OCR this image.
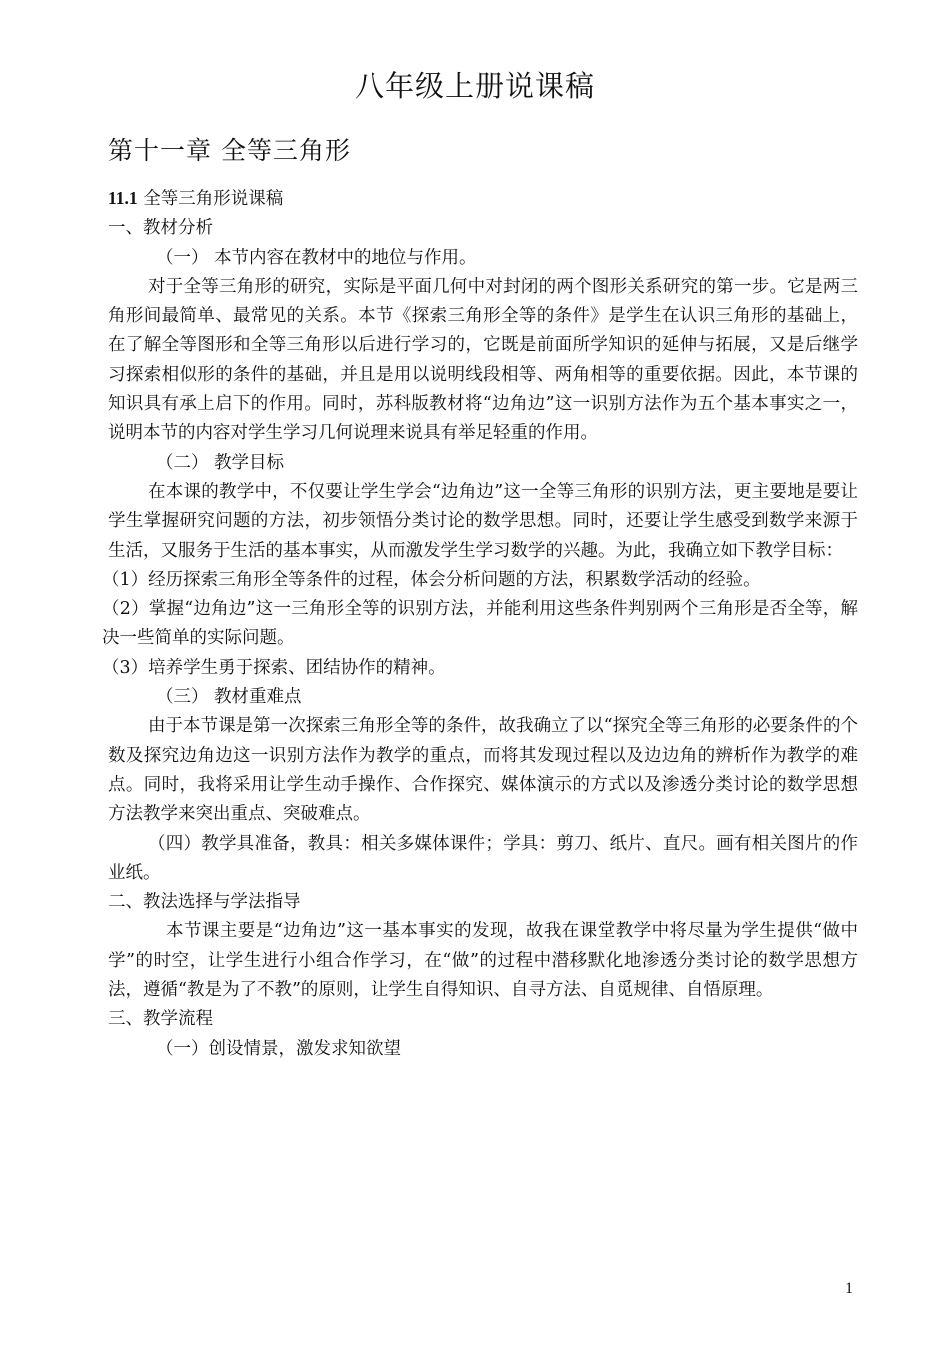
八年级上册说课稿
第十一章 全等三角形

11.1 全等三角形说课稿

一、教材分析

（一） 本节内容在教材中的地位与作用。

对于全等三角形的研究，实际是平面几何中对封闭的两个图形关系研究的第一步。它是两三角形间最简单、最常见的关系。本节《探索三角形全等的条件》是学生在认识三角形的基础上，在了解全等图形和全等三角形以后进行学习的，它既是前面所学知识的延伸与拓展，又是后继学习探索相似形的条件的基础，并且是用以说明线段相等、两角相等的重要依据。因此，本节课的知识具有承上启下的作用。同时，苏科版教材将“边角边”这一识别方法作为五个基本事实之一，说明本节的内容对学生学习几何说理来说具有举足轻重的作用。

（二） 教学目标

在本课的教学中，不仅要让学生学会“边角边”这一全等三角形的识别方法，更主要地是要让学生掌握研究问题的方法，初步领悟分类讨论的数学思想。同时，还要让学生感受到数学来源于生活，又服务于生活的基本事实，从而激发学生学习数学的兴趣。为此，我确立如下教学目标：

（1）经历探索三角形全等条件的过程，体会分析问题的方法，积累数学活动的经验。

（2）掌握“边角边”这一三角形全等的识别方法，并能利用这些条件判别两个三角形是否全等，解决一些简单的实际问题。

（3）培养学生勇于探索、团结协作的精神。

（三） 教材重难点

由于本节课是第一次探索三角形全等的条件，故我确立了以“探究全等三角形的必要条件的个数及探究边角边这一识别方法作为教学的重点，而将其发现过程以及边边角的辨析作为教学的难点。同时，我将采用让学生动手操作、合作探究、媒体演示的方式以及渗透分类讨论的数学思想方法教学来突出重点、突破难点。

（四）教学具准备，教具：相关多媒体课件；学具：剪刀、纸片、直尺。画有相关图片的作业纸。

二、教法选择与学法指导

本节课主要是“边角边”这一基本事实的发现，故我在课堂教学中将尽量为学生提供“做中学”的时空，让学生进行小组合作学习，在“做”的过程中潜移默化地渗透分类讨论的数学思想方法，遵循“教是为了不教”的原则，让学生自得知识、自寻方法、自觅规律、自悟原理。

三、教学流程

（一）创设情景，激发求知欲望

1
